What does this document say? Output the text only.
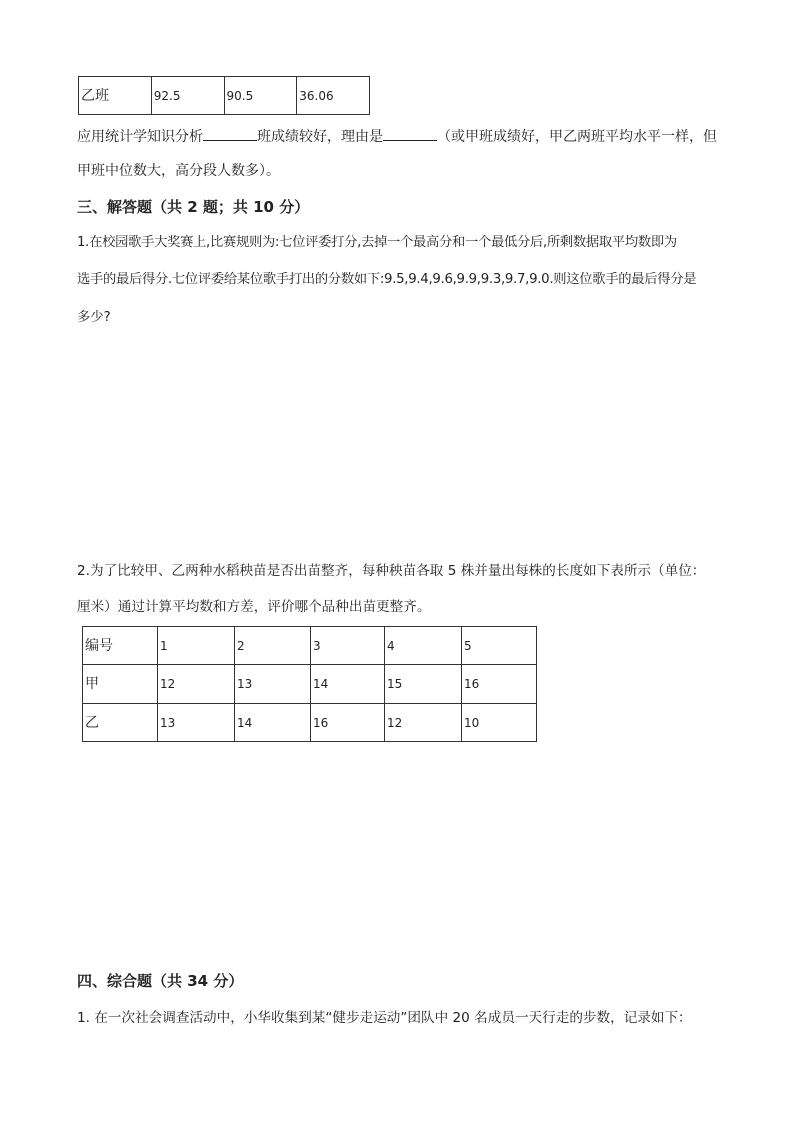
乙班	92.5	90.5	36.06
应用统计学知识分析	班成绩较好，理由是	（或甲班成绩好，甲乙两班平均水平一样，但
甲班中位数大，高分段人数多）。
三、解答题（共 2 题；共 10 分）
1.在校园歌手大奖赛上,比赛规则为:七位评委打分,去掉一个最高分和一个最低分后,所剩数据取平均数即为
选手的最后得分.七位评委给某位歌手打出的分数如下:9.5,9.4,9.6,9.9,9.3,9.7,9.0.则这位歌手的最后得分是
多少?
2.为了比较甲、乙两种水稻秧苗是否出苗整齐，每种秧苗各取 5 株并量出每株的长度如下表所示（单位：
厘米）通过计算平均数和方差，评价哪个品种出苗更整齐。
编号	1	2	3	4	5
甲	12	13	14	15	16
乙	13	14	16	12	10
四、综合题（共 34 分）
1. 在一次社会调查活动中，小华收集到某“健步走运动”团队中 20 名成员一天行走的步数，记录如下：
